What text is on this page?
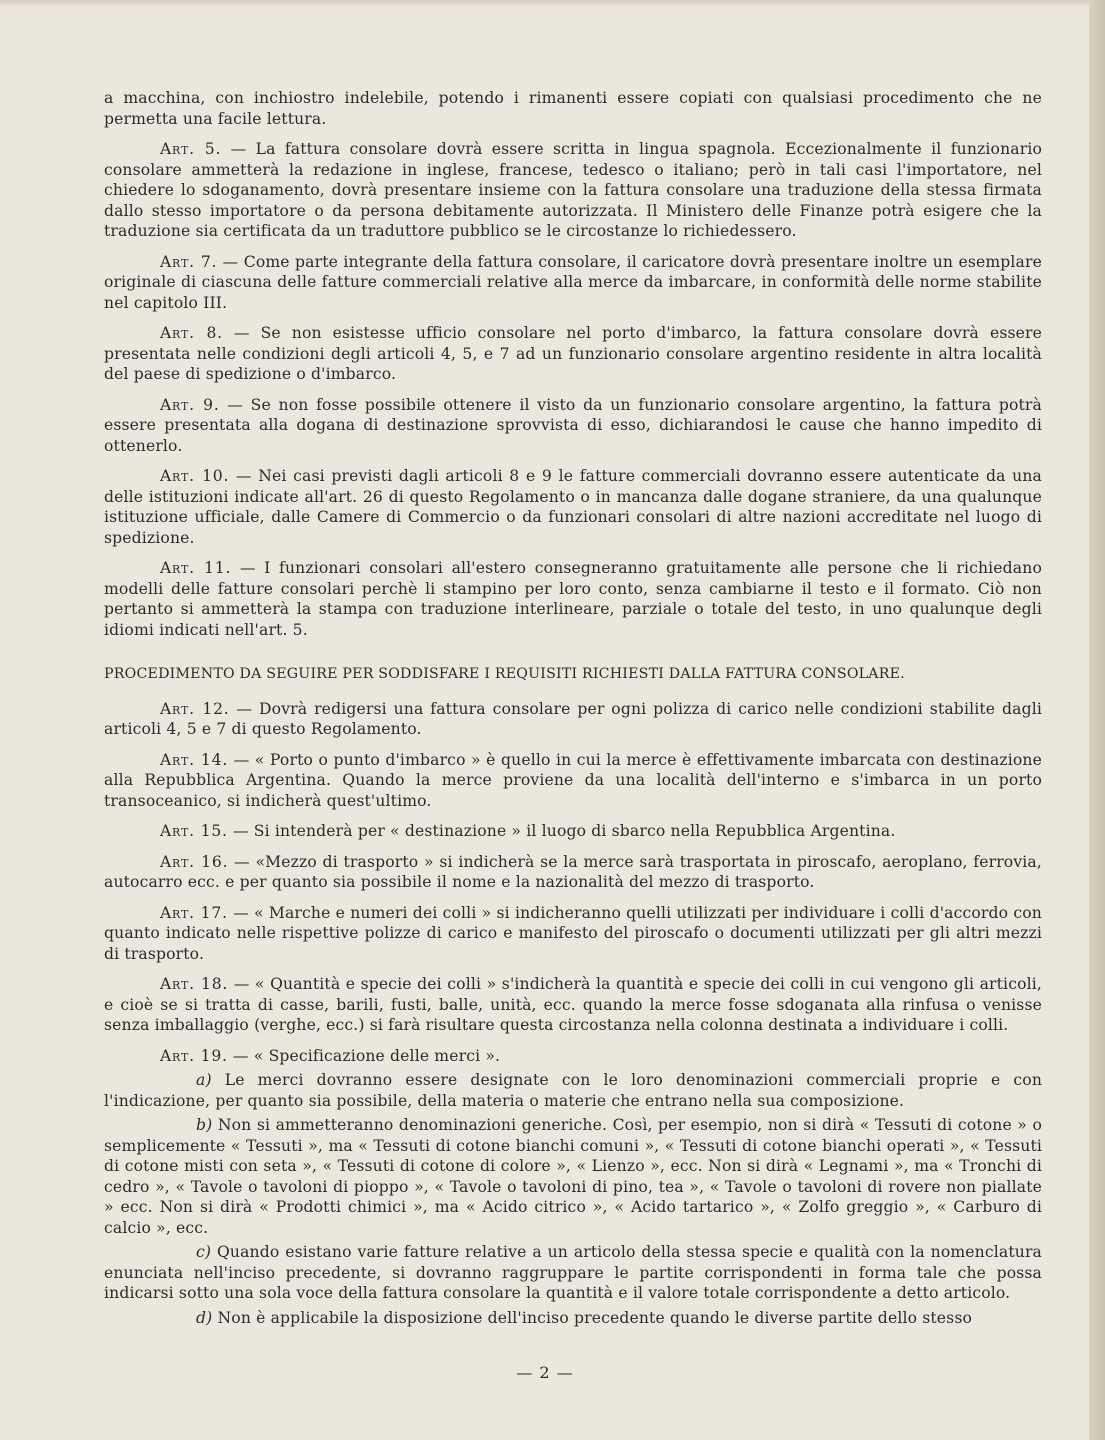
a macchina, con inchiostro indelebile, potendo i rimanenti essere copiati con qualsiasi procedimento che ne permetta una facile lettura.

Art. 5. — La fattura consolare dovrà essere scritta in lingua spagnola. Eccezionalmente il funzionario consolare ammetterà la redazione in inglese, francese, tedesco o italiano; però in tali casi l'importatore, nel chiedere lo sdoganamento, dovrà presentare insieme con la fattura consolare una traduzione della stessa firmata dallo stesso importatore o da persona debitamente autorizzata. Il Ministero delle Finanze potrà esigere che la traduzione sia certificata da un traduttore pubblico se le circostanze lo richiedessero.

Art. 7. — Come parte integrante della fattura consolare, il caricatore dovrà presentare inoltre un esemplare originale di ciascuna delle fatture commerciali relative alla merce da imbarcare, in conformità delle norme stabilite nel capitolo III.

Art. 8. — Se non esistesse ufficio consolare nel porto d'imbarco, la fattura consolare dovrà essere presentata nelle condizioni degli articoli 4, 5, e 7 ad un funzionario consolare argentino residente in altra località del paese di spedizione o d'imbarco.

Art. 9. — Se non fosse possibile ottenere il visto da un funzionario consolare argentino, la fattura potrà essere presentata alla dogana di destinazione sprovvista di esso, dichiarandosi le cause che hanno impedito di ottenerlo.

Art. 10. — Nei casi previsti dagli articoli 8 e 9 le fatture commerciali dovranno essere autenticate da una delle istituzioni indicate all'art. 26 di questo Regolamento o in mancanza dalle dogane straniere, da una qualunque istituzione ufficiale, dalle Camere di Commercio o da funzionari consolari di altre nazioni accreditate nel luogo di spedizione.

Art. 11. — I funzionari consolari all'estero consegneranno gratuitamente alle persone che li richiedano modelli delle fatture consolari perchè li stampino per loro conto, senza cambiarne il testo e il formato. Ciò non pertanto si ammetterà la stampa con traduzione interlineare, parziale o totale del testo, in uno qualunque degli idiomi indicati nell'art. 5.

PROCEDIMENTO DA SEGUIRE PER SODDISFARE I REQUISITI RICHIESTI DALLA FATTURA CONSOLARE.

Art. 12. — Dovrà redigersi una fattura consolare per ogni polizza di carico nelle condizioni stabilite dagli articoli 4, 5 e 7 di questo Regolamento.

Art. 14. — « Porto o punto d'imbarco » è quello in cui la merce è effettivamente imbarcata con destinazione alla Repubblica Argentina. Quando la merce proviene da una località dell'interno e s'imbarca in un porto transoceanico, si indicherà quest'ultimo.

Art. 15. — Si intenderà per « destinazione » il luogo di sbarco nella Repubblica Argentina.

Art. 16. — «Mezzo di trasporto » si indicherà se la merce sarà trasportata in piroscafo, aeroplano, ferrovia, autocarro ecc. e per quanto sia possibile il nome e la nazionalità del mezzo di trasporto.

Art. 17. — « Marche e numeri dei colli » si indicheranno quelli utilizzati per individuare i colli d'accordo con quanto indicato nelle rispettive polizze di carico e manifesto del piroscafo o documenti utilizzati per gli altri mezzi di trasporto.

Art. 18. — « Quantità e specie dei colli » s'indicherà la quantità e specie dei colli in cui vengono gli articoli, e cioè se si tratta di casse, barili, fusti, balle, unità, ecc. quando la merce fosse sdoganata alla rinfusa o venisse senza imballaggio (verghe, ecc.) si farà risultare questa circostanza nella colonna destinata a individuare i colli.

Art. 19. — « Specificazione delle merci ».

a) Le merci dovranno essere designate con le loro denominazioni commerciali proprie e con l'indicazione, per quanto sia possibile, della materia o materie che entrano nella sua composizione.

b) Non si ammetteranno denominazioni generiche. Così, per esempio, non si dirà « Tessuti di cotone » o semplicemente « Tessuti », ma « Tessuti di cotone bianchi comuni », « Tessuti di cotone bianchi operati », « Tessuti di cotone misti con seta », « Tessuti di cotone di colore », « Lienzo », ecc. Non si dirà « Legnami », ma « Tronchi di cedro », « Tavole o tavoloni di pioppo », « Tavole o tavoloni di pino, tea », « Tavole o tavoloni di rovere non piallate » ecc. Non si dirà « Prodotti chimici », ma « Acido citrico », « Acido tartarico », « Zolfo greggio », « Carburo di calcio », ecc.

c) Quando esistano varie fatture relative a un articolo della stessa specie e qualità con la nomenclatura enunciata nell'inciso precedente, si dovranno raggruppare le partite corrispondenti in forma tale che possa indicarsi sotto una sola voce della fattura consolare la quantità e il valore totale corrispondente a detto articolo.

d) Non è applicabile la disposizione dell'inciso precedente quando le diverse partite dello stesso

— 2 —
